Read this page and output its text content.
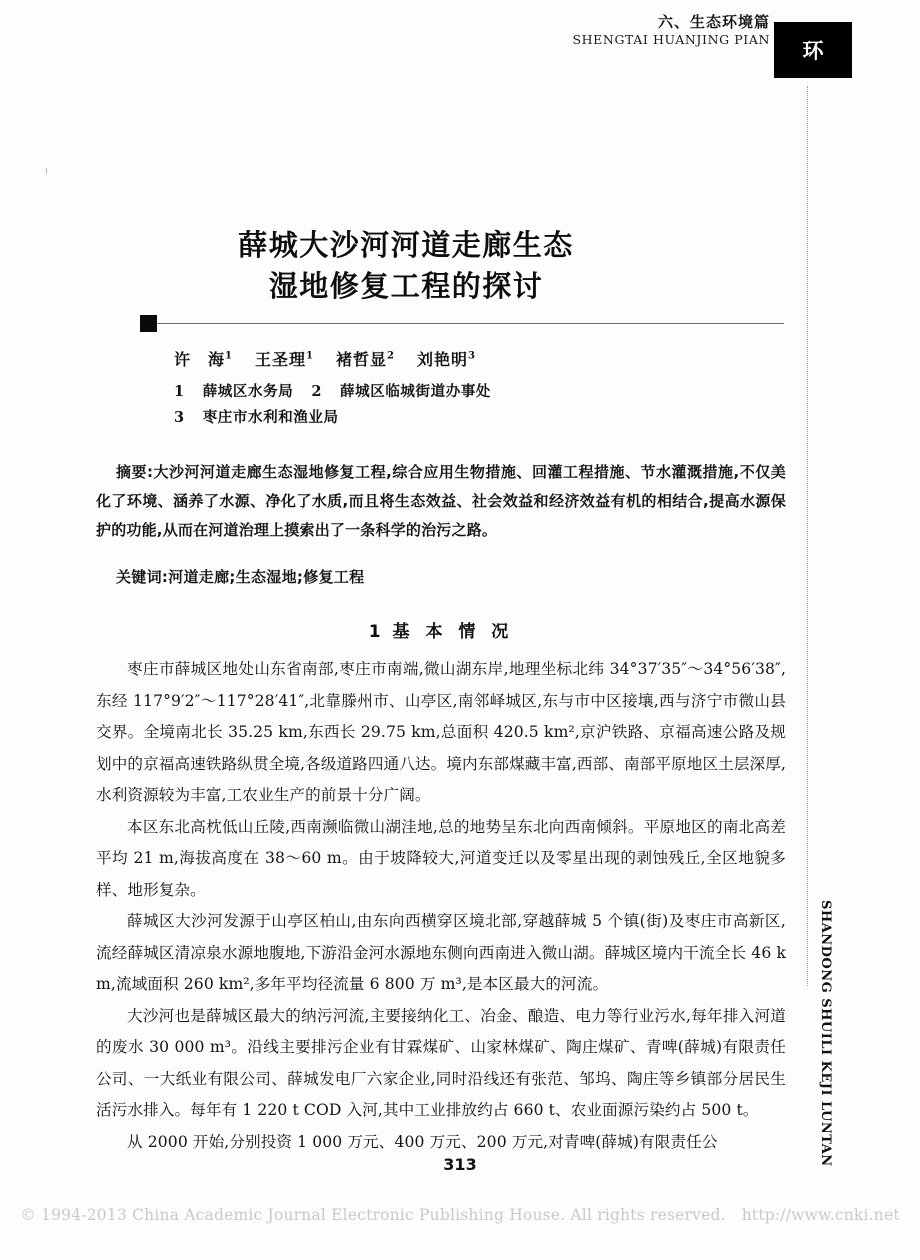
六、生态环境篇
SHENGTAI HUANJING PIAN 环
SHANDONG SHUILI KEJI LUNTAN
薛城大沙河河道走廊生态
湿地修复工程的探讨
许　海$^1$ 王圣理$^1$ 褚哲显$^2$ 刘艳明$^3$
1 薛城区水务局 2 薛城区临城街道办事处
3 枣庄市水利和渔业局

摘要:大沙河河道走廊生态湿地修复工程,综合应用生物措施、回灌工程措施、节水灌溉措施,不仅美化了环境、涵养了水源、净化了水质,而且将生态效益、社会效益和经济效益有机的相结合,提高水源保护的功能,从而在河道治理上摸索出了一条科学的治污之路。

关键词:河道走廊;生态湿地;修复工程

1 基 本 情 况

枣庄市薛城区地处山东省南部,枣庄市南端,微山湖东岸,地理坐标北纬 34°37′35″～34°56′38″,东经 117°9′2″～117°28′41″,北靠滕州市、山亭区,南邻峄城区,东与市中区接壤,西与济宁市微山县交界。全境南北长 35.25 km,东西长 29.75 km,总面积 420.5 km²,京沪铁路、京福高速公路及规划中的京福高速铁路纵贯全境,各级道路四通八达。境内东部煤藏丰富,西部、南部平原地区土层深厚,水利资源较为丰富,工农业生产的前景十分广阔。

本区东北高枕低山丘陵,西南濒临微山湖洼地,总的地势呈东北向西南倾斜。平原地区的南北高差平均 21 m,海拔高度在 38～60 m。由于坡降较大,河道变迁以及零星出现的剥蚀残丘,全区地貌多样、地形复杂。

薛城区大沙河发源于山亭区柏山,由东向西横穿区境北部,穿越薛城 5 个镇(街)及枣庄市高新区,流经薛城区清凉泉水源地腹地,下游沿金河水源地东侧向西南进入微山湖。薛城区境内干流全长 46 km,流域面积 260 km²,多年平均径流量 6 800 万 m³,是本区最大的河流。

大沙河也是薛城区最大的纳污河流,主要接纳化工、冶金、酿造、电力等行业污水,每年排入河道的废水 30 000 m³。沿线主要排污企业有甘霖煤矿、山家林煤矿、陶庄煤矿、青啤(薛城)有限责任公司、一大纸业有限公司、薛城发电厂六家企业,同时沿线还有张范、邹坞、陶庄等乡镇部分居民生活污水排入。每年有 1 220 t COD 入河,其中工业排放约占 660 t、农业面源污染约占 500 t。

从 2000 开始,分别投资 1 000 万元、400 万元、200 万元,对青啤(薛城)有限责任公

313
© 1994-2013 China Academic Journal Electronic Publishing House. All rights reserved. http://www.cnki.net
